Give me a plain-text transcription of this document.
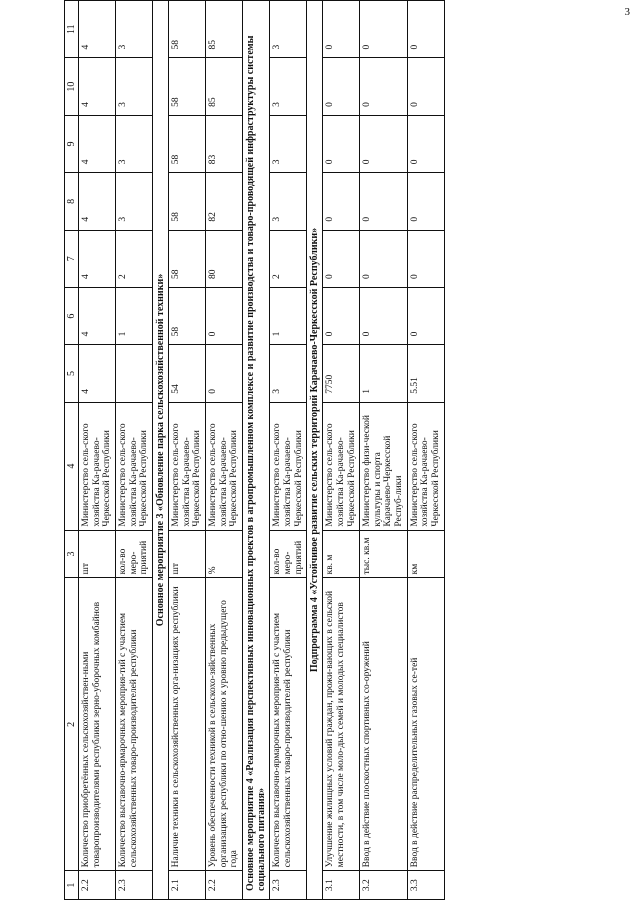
3
1	2	3	4	5	6	7	8	9	10	11
2.2	Количество приобретённых сельскохозяйствен-ными товаропроизводителями республики зерно-уборочных комбайнов	шт	Министерство сель-ского хозяйства Ка-рачаево-Черкесской Республики	4	4	4	4	4	4	4
2.3	Количество выставочно-ярмарочных мероприя-тий с участием сельскохозяйственных товаро-производителей республики	кол-во меро-приятий	Министерство сель-ского хозяйства Ка-рачаево-Черкесской Республики		1	2	3	3	3	3
Основное мероприятие 3 «Обновление парка сельскохозяйственной техники»										
2.1	Наличие техники в сельскохозяйственных орга-низациях республики	шт	Министерство сель-ского хозяйства Ка-рачаево-Черкесской Республики	54	58	58	58	58	58	58
2.2	Уровень обеспеченности техникой в сельскохо-зяйственных организациях республики по отно-шению к уровню предыдущего года	%	Министерство сель-ского хозяйства Ка-рачаево-Черкесской Республики	0	0	80	82	83	85	85
Основное мероприятие 4 «Реализация перспективных инновационных проектов в агропромышленном комплексе и развитие производства и товаро-проводящей инфраструктуры системы социального питания»										
2.3	Количество выставочно-ярмарочных мероприя-тий с участием сельскохозяйственных товаро-производителей республики	кол-во меро-приятий	Министерство сель-ского хозяйства Ка-рачаево-Черкесской Республики	3	1	2	3	3	3	3
Подпрограмма 4 «Устойчивое развитие сельских территорий Карачаево-Черкесской Республики»										
3.1	Улучшение жилищных условий граждан, прожи-вающих в сельской местности, в том числе моло-дых семей и молодых специалистов	кв. м	Министерство сель-ского хозяйства Ка-рачаево-Черкесской Республики	7750	0	0	0	0	0	0
3.2	Ввод в действие плоскостных спортивных со-оружений	тыс. кв.м	Министерство физи-ческой культуры и спорта Карачаево-Черкесской Респуб-лики	1	0	0	0	0	0	0
3.3	Ввод в действие распределительных газовых се-тей	км	Министерство сель-ского хозяйства Ка-рачаево-Черкесской Республики	5.51	0	0	0	0	0	0
